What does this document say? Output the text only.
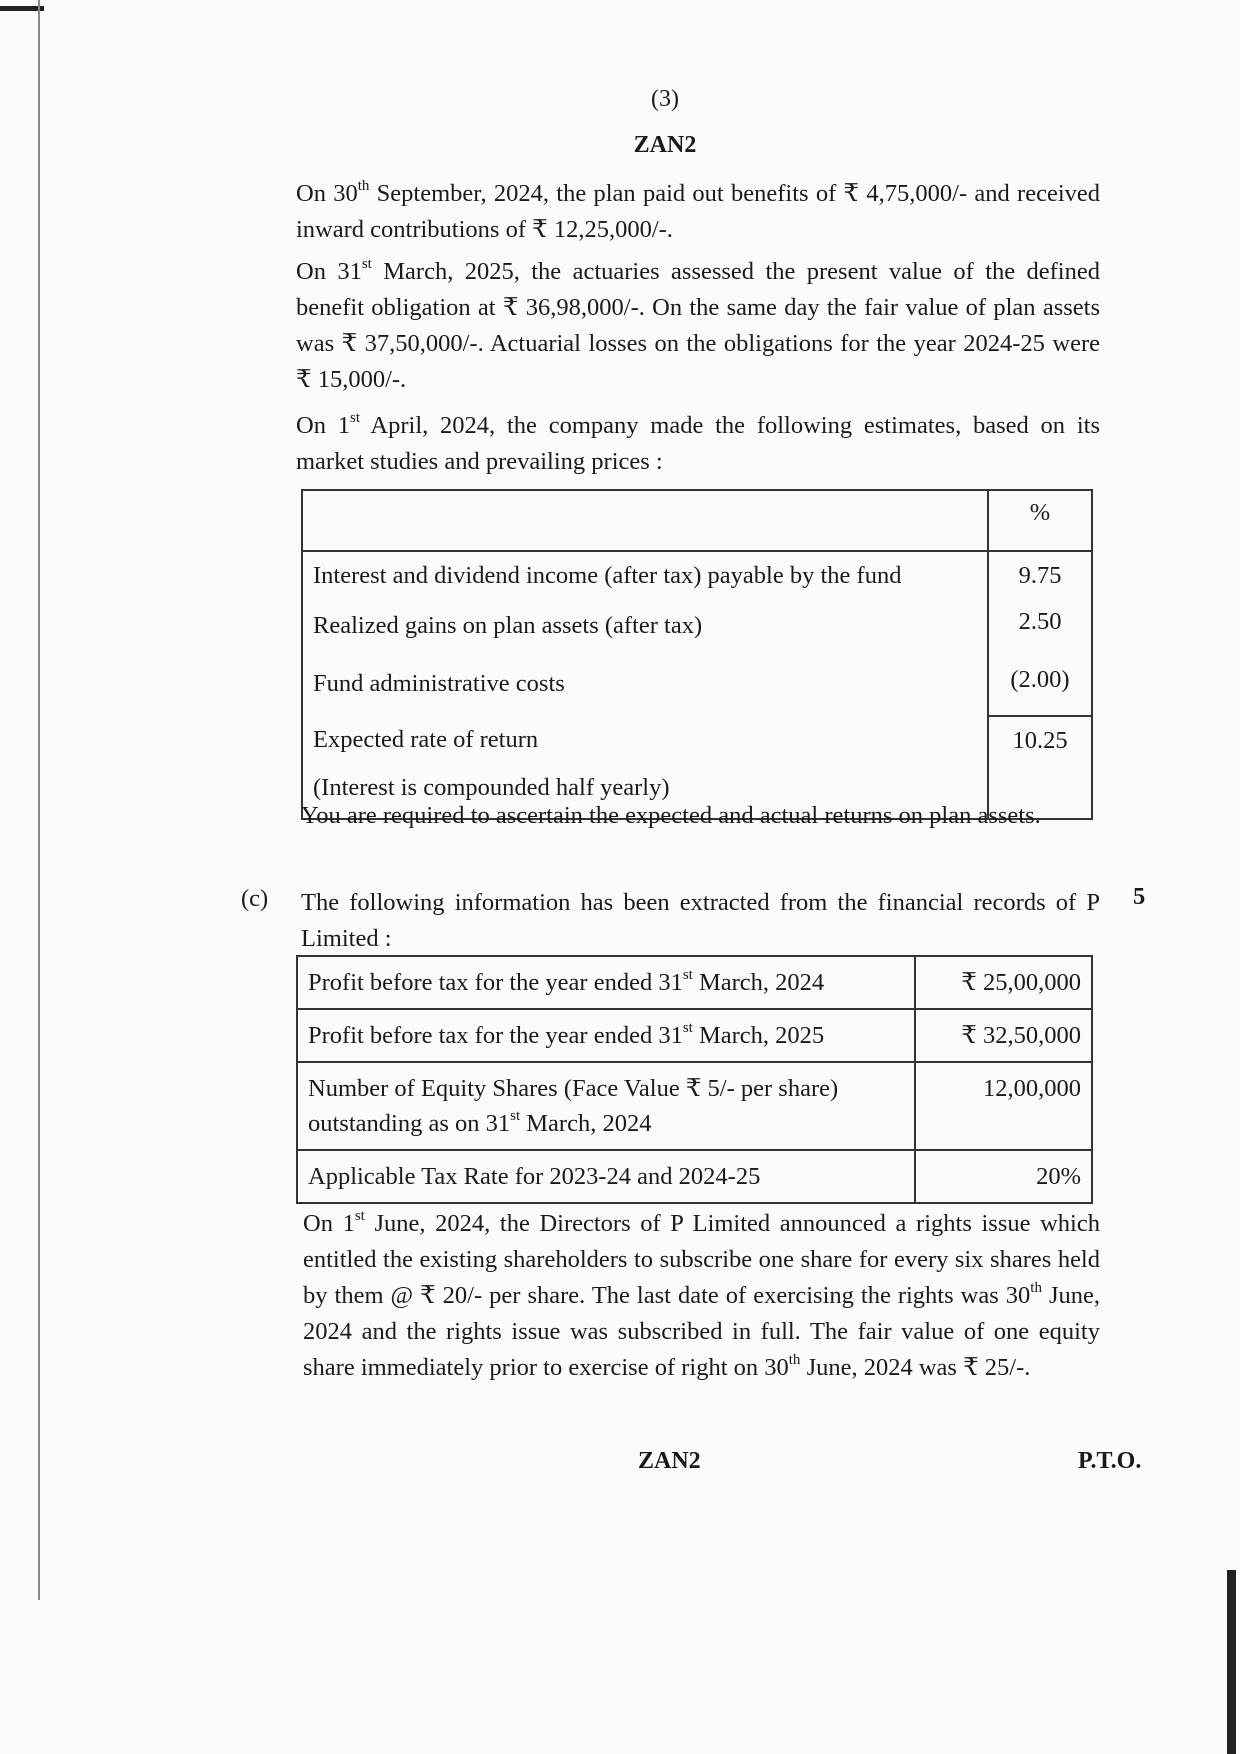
(3)
ZAN2
On 30th September, 2024, the plan paid out benefits of ₹ 4,75,000/- and received inward contributions of ₹ 12,25,000/-.
On 31st March, 2025, the actuaries assessed the present value of the defined benefit obligation at ₹ 36,98,000/-. On the same day the fair value of plan assets was ₹ 37,50,000/-. Actuarial losses on the obligations for the year 2024-25 were ₹ 15,000/-.
On 1st April, 2024, the company made the following estimates, based on its market studies and prevailing prices :
	%
Interest and dividend income (after tax) payable by the fund	9.75
Realized gains on plan assets (after tax)	2.50
Fund administrative costs	(2.00)
Expected rate of return	10.25
(Interest is compounded half yearly)	
You are required to ascertain the expected and actual returns on plan assets.
(c) The following information has been extracted from the financial records of P Limited :
5
Profit before tax for the year ended 31st March, 2024	₹ 25,00,000
Profit before tax for the year ended 31st March, 2025	₹ 32,50,000
Number of Equity Shares (Face Value ₹ 5/- per share) outstanding as on 31st March, 2024	12,00,000
Applicable Tax Rate for 2023-24 and 2024-25	20%
On 1st June, 2024, the Directors of P Limited announced a rights issue which entitled the existing shareholders to subscribe one share for every six shares held by them @ ₹ 20/- per share. The last date of exercising the rights was 30th June, 2024 and the rights issue was subscribed in full. The fair value of one equity share immediately prior to exercise of right on 30th June, 2024 was ₹ 25/-.
ZAN2	P.T.O.
